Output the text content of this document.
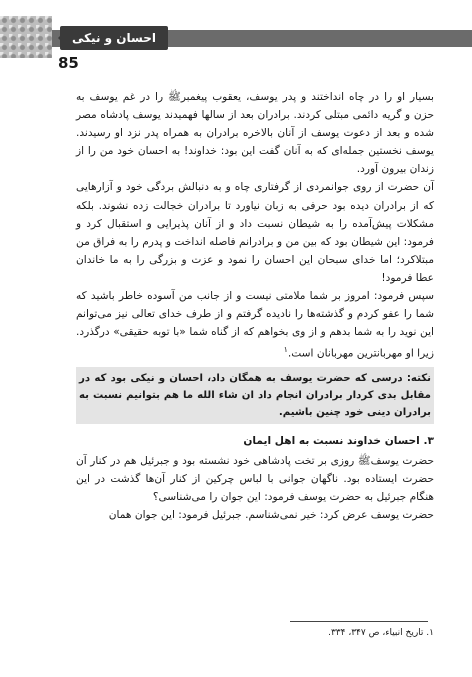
احسان و نیکی
85

بسیار او را در چاه انداختند و پدر یوسف، یعقوب پیغمبرﷺ را در غم یوسف به حزن و گریه دائمی مبتلی کردند. برادران بعد از سالها فهمیدند یوسف پادشاه مصر شده و بعد از دعوت یوسف از آنان بالاخره برادران به همراه پدر نزد او رسیدند. یوسف نخستین جمله‌ای که به آنان گفت این بود: خداوند! به احسان خود من را از زندان بیرون آورد.

آن حضرت از روی جوانمردی از گرفتاری چاه و به دنبالش بردگی خود و آزارهایی که از برادران دیده بود حرفی به زبان نیاورد تا برادران خجالت زده نشوند. بلکه مشکلات پیش‌آمده را به شیطان نسبت داد و از آنان پذیرایی و استقبال کرد و فرمود: این شیطان بود که بین من و برادرانم فاصله انداخت و پدرم را به فراق من مبتلاکرد؛ اما خدای سبحان این احسان را نمود و عزت و بزرگی را به ما خاندان عطا فرمود!

سپس فرمود: امروز بر شما ملامتی نیست و از جانب من آسوده خاطر باشید که شما را عفو کردم و گذشته‌ها را نادیده گرفتم و از طرف خدای تعالی نیز می‌توانم این نوید را به شما بدهم و از وی بخواهم که از گناه شما «با توبه حقیقی» درگذرد. زیرا او مهربانترین مهربانان است.$^۱$

نکته: درسی که حضرت یوسف به همگان داد، احسان و نیکی بود که در مقابل بدی کردار برادران انجام داد ان شاء الله ما هم بتوانیم نسبت به برادران دینی خود چنین باشیم.
۳. احسان خداوند نسبت به اهل ایمان

حضرت یوسفﷺ روزی بر تخت پادشاهی خود نشسته بود و جبرئیل هم در کنار آن حضرت ایستاده بود. ناگهان جوانی با لباس چرکین از کنار آن‌ها گذشت در این هنگام جبرئیل به حضرت یوسف فرمود: این جوان را می‌شناسی؟

حضرت یوسف عرض کرد: خیر نمی‌شناسم. جبرئیل فرمود: این جوان همان

۱. تاریخ انبیاء، ص ۳۴۷، ۳۳۴.
